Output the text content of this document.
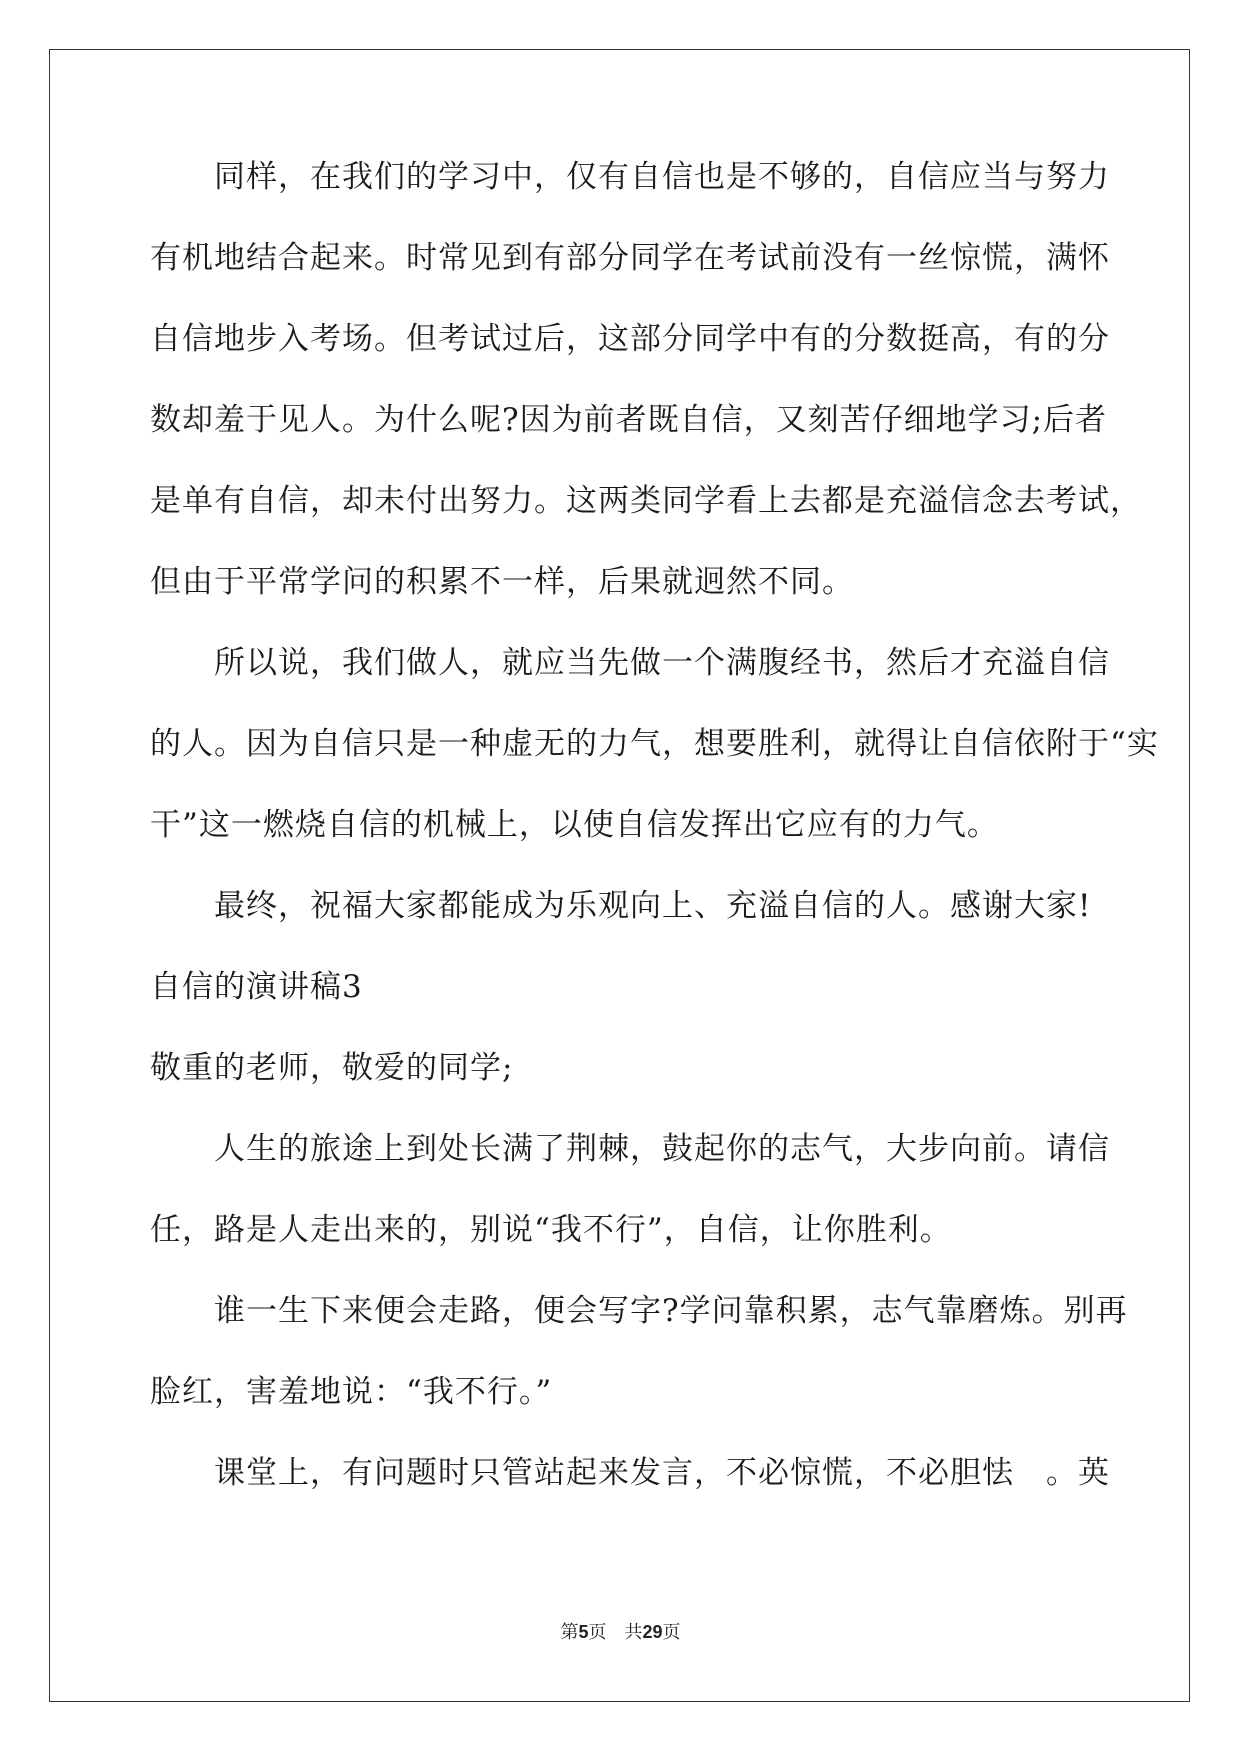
同样，在我们的学习中，仅有自信也是不够的，自信应当与努力
有机地结合起来。时常见到有部分同学在考试前没有一丝惊慌，满怀
自信地步入考场。但考试过后，这部分同学中有的分数挺高，有的分
数却羞于见人。为什么呢?因为前者既自信，又刻苦仔细地学习;后者
是单有自信，却未付出努力。这两类同学看上去都是充溢信念去考试，
但由于平常学问的积累不一样，后果就迥然不同。
所以说，我们做人，就应当先做一个满腹经书，然后才充溢自信
的人。因为自信只是一种虚无的力气，想要胜利，就得让自信依附于“实
干”这一燃烧自信的机械上，以使自信发挥出它应有的力气。
最终，祝福大家都能成为乐观向上、充溢自信的人。感谢大家!
自信的演讲稿3
敬重的老师，敬爱的同学;
人生的旅途上到处长满了荆棘，鼓起你的志气，大步向前。请信
任，路是人走出来的，别说“我不行”，自信，让你胜利。
谁一生下来便会走路，便会写字?学问靠积累，志气靠磨炼。别再
脸红，害羞地说：“我不行。”
课堂上，有问题时只管站起来发言，不必惊慌，不必胆怯　。英
第5页 共29页
